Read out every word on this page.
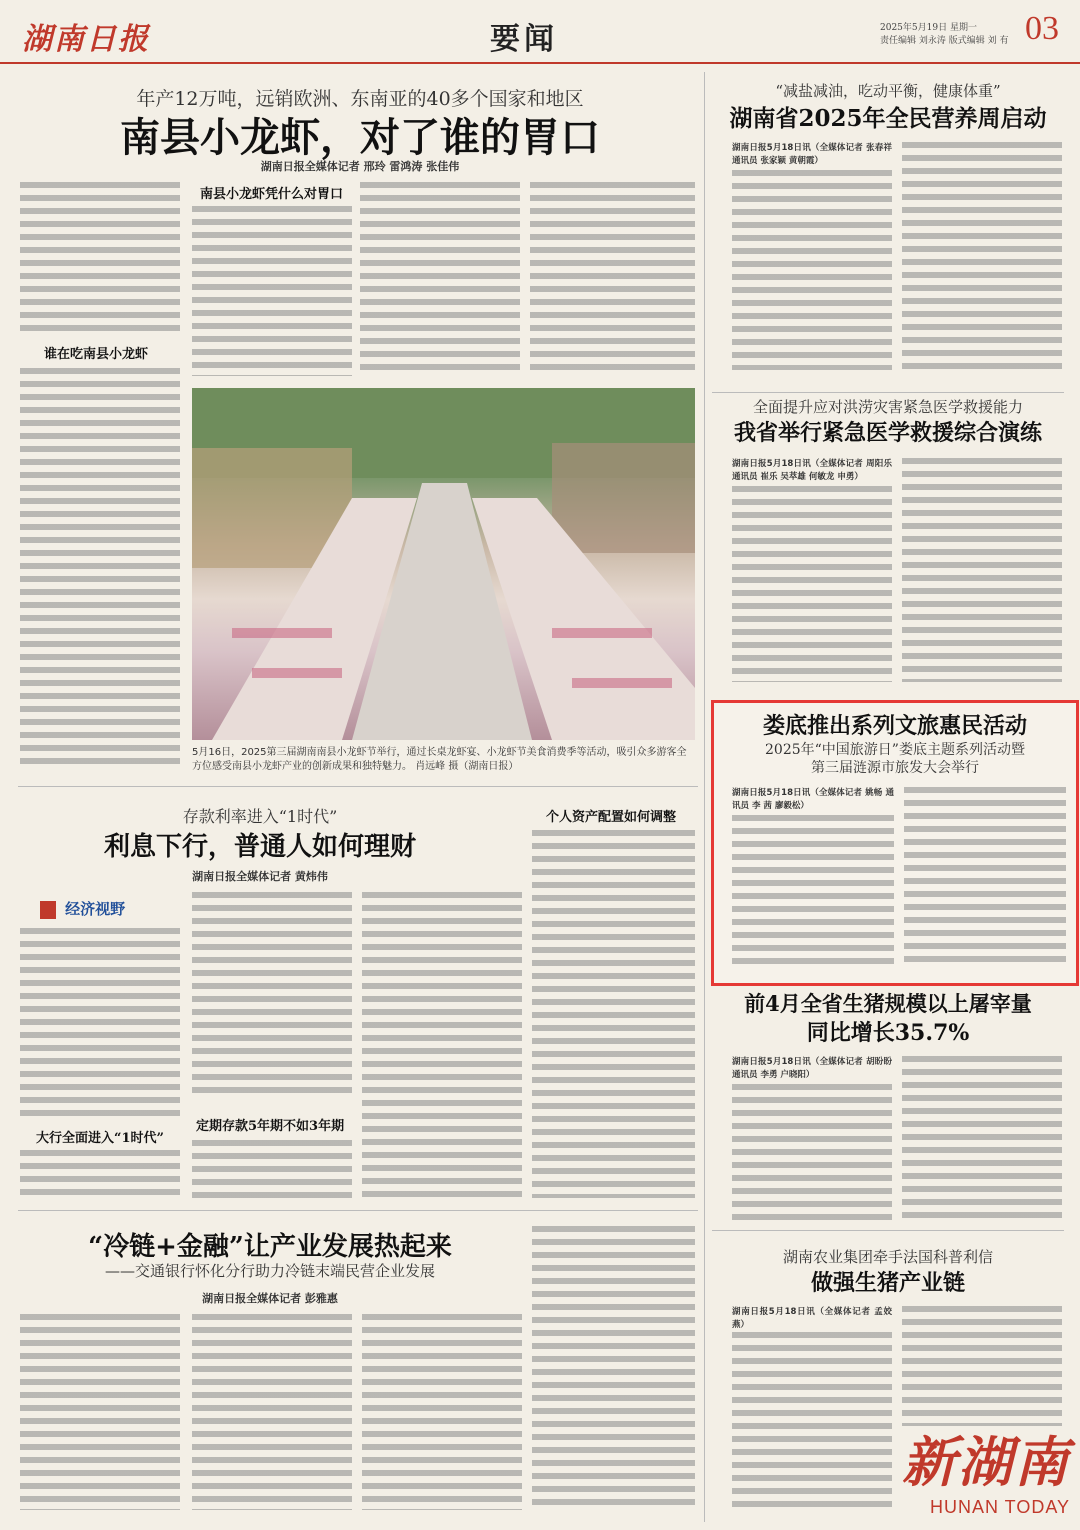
湖南日报	要闻	2025年5月19日 星期一
责任编辑 刘永涛 版式编辑 刘 有 03
年产12万吨，远销欧洲、东南亚的40多个国家和地区
南县小龙虾，对了谁的胃口
湖南日报全媒体记者 邢玲 雷鸿涛 张佳伟
谁在吃南县小龙虾
南县小龙虾凭什么对胃口
5月16日，2025第三届湖南南县小龙虾节举行，通过长桌龙虾宴、小龙虾节美食消费季等活动，吸引众多游客全方位感受南县小龙虾产业的创新成果和独特魅力。 肖远峰 摄（湖南日报）
“减盐减油，吃动平衡，健康体重”
湖南省2025年全民营养周启动
湖南日报5月18日讯（全媒体记者 张春祥 通讯员 张家颖 黄朝霞）
全面提升应对洪涝灾害紧急医学救援能力
我省举行紧急医学救援综合演练
湖南日报5月18日讯（全媒体记者 周阳乐 通讯员 崔乐 吴萃雄 何敏龙 申勇）
娄底推出系列文旅惠民活动
2025年“中国旅游日”娄底主题系列活动暨
第三届涟源市旅发大会举行
湖南日报5月18日讯（全媒体记者 姚畅 通讯员 李 茜 廖毅松）
前4月全省生猪规模以上屠宰量
同比增长35.7%
湖南日报5月18日讯（全媒体记者 胡盼盼 通讯员 李勇 户晓阳）
存款利率进入“1时代”
利息下行，普通人如何理财
湖南日报全媒体记者 黄炜伟
经济视野
大行全面进入“1时代”
定期存款5年期不如3年期
个人资产配置如何调整
“冷链+金融”让产业发展热起来
——交通银行怀化分行助力冷链末端民营企业发展
湖南日报全媒体记者 彭雅惠
湖南农业集团牵手法国科普利信
做强生猪产业链
湖南日报5月18日讯（全媒体记者 孟姣燕）
新湖南
HUNAN TODAY
